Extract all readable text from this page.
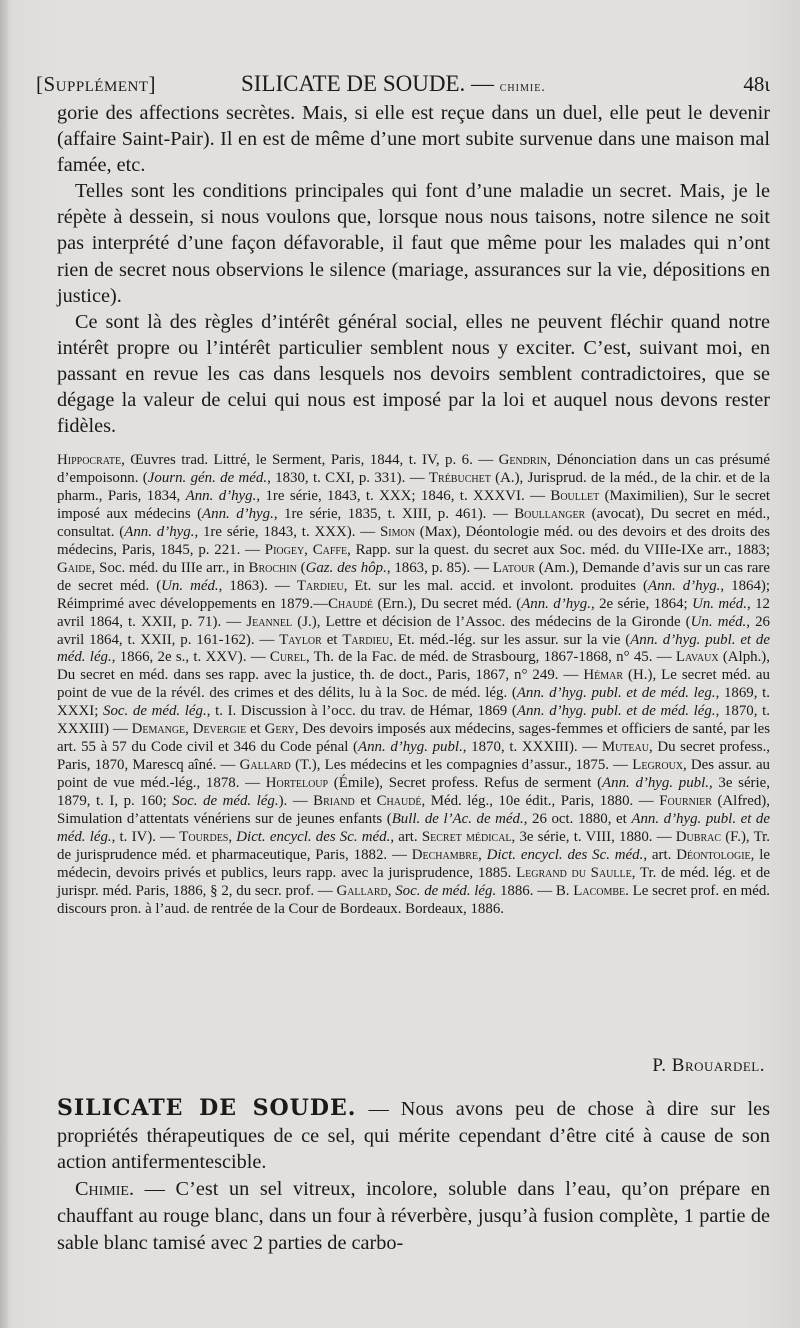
[Supplément]	SILICATE DE SOUDE. — chimie.	48ɩ

gorie des affections secrètes. Mais, si elle est reçue dans un duel, elle peut le devenir (affaire Saint-Pair). Il en est de même d’une mort subite survenue dans une maison mal famée, etc.

Telles sont les conditions principales qui font d’une maladie un secret. Mais, je le répète à dessein, si nous voulons que, lorsque nous nous taisons, notre silence ne soit pas interprété d’une façon défavorable, il faut que même pour les malades qui n’ont rien de secret nous observions le silence (mariage, assurances sur la vie, dépositions en justice).

Ce sont là des règles d’intérêt général social, elles ne peuvent fléchir quand notre intérêt propre ou l’intérêt particulier semblent nous y exciter. C’est, suivant moi, en passant en revue les cas dans lesquels nos devoirs semblent contradictoires, que se dégage la valeur de celui qui nous est imposé par la loi et auquel nous devons rester fidèles.

Hippocrate, Œuvres trad. Littré, le Serment, Paris, 1844, t. IV, p. 6. — Gendrin, Dénonciation dans un cas présumé d’empoisonn. (Journ. gén. de méd., 1830, t. CXI, p. 331). — Trébuchet (A.), Jurisprud. de la méd., de la chir. et de la pharm., Paris, 1834, Ann. d’hyg., 1re série, 1843, t. XXX; 1846, t. XXXVI. — Boullet (Maximilien), Sur le secret imposé aux médecins (Ann. d’hyg., 1re série, 1835, t. XIII, p. 461). — Boullanger (avocat), Du secret en méd., consultat. (Ann. d’hyg., 1re série, 1843, t. XXX). — Simon (Max), Déontologie méd. ou des devoirs et des droits des médecins, Paris, 1845, p. 221. — Piogey, Caffe, Rapp. sur la quest. du secret aux Soc. méd. du VIIIe-IXe arr., 1883; Gaide, Soc. méd. du IIIe arr., in Brochin (Gaz. des hôp., 1863, p. 85). — Latour (Am.), Demande d’avis sur un cas rare de secret méd. (Un. méd., 1863). — Tardieu, Et. sur les mal. accid. et involont. produites (Ann. d’hyg., 1864); Réimprimé avec développements en 1879.—Chaudé (Ern.), Du secret méd. (Ann. d’hyg., 2e série, 1864; Un. méd., 12 avril 1864, t. XXII, p. 71). — Jeannel (J.), Lettre et décision de l’Assoc. des médecins de la Gironde (Un. méd., 26 avril 1864, t. XXII, p. 161-162). — Taylor et Tardieu, Et. méd.-lég. sur les assur. sur la vie (Ann. d’hyg. publ. et de méd. lég., 1866, 2e s., t. XXV). — Curel, Th. de la Fac. de méd. de Strasbourg, 1867-1868, n° 45. — Lavaux (Alph.), Du secret en méd. dans ses rapp. avec la justice, th. de doct., Paris, 1867, n° 249. — Hémar (H.), Le secret méd. au point de vue de la révél. des crimes et des délits, lu à la Soc. de méd. lég. (Ann. d’hyg. publ. et de méd. leg., 1869, t. XXXI; Soc. de méd. lég., t. I. Discussion à l’occ. du trav. de Hémar, 1869 (Ann. d’hyg. publ. et de méd. lég., 1870, t. XXXIII) — Demange, Devergie et Gery, Des devoirs imposés aux médecins, sages-femmes et officiers de santé, par les art. 55 à 57 du Code civil et 346 du Code pénal (Ann. d’hyg. publ., 1870, t. XXXIII). — Muteau, Du secret profess., Paris, 1870, Marescq aîné. — Gallard (T.), Les médecins et les compagnies d’assur., 1875. — Legroux, Des assur. au point de vue méd.-lég., 1878. — Horteloup (Émile), Secret profess. Refus de serment (Ann. d’hyg. publ., 3e série, 1879, t. I, p. 160; Soc. de méd. lég.). — Briand et Chaudé, Méd. lég., 10e édit., Paris, 1880. — Fournier (Alfred), Simulation d’attentats vénériens sur de jeunes enfants (Bull. de l’Ac. de méd., 26 oct. 1880, et Ann. d’hyg. publ. et de méd. lég., t. IV). — Tourdes, Dict. encycl. des Sc. méd., art. Secret médical, 3e série, t. VIII, 1880. — Dubrac (F.), Tr. de jurisprudence méd. et pharmaceutique, Paris, 1882. — Dechambre, Dict. encycl. des Sc. méd., art. Déontologie, le médecin, devoirs privés et publics, leurs rapp. avec la jurisprudence, 1885. Legrand du Saulle, Tr. de méd. lég. et de jurispr. méd. Paris, 1886, § 2, du secr. prof. — Gallard, Soc. de méd. lég. 1886. — B. Lacombe. Le secret prof. en méd. discours pron. à l’aud. de rentrée de la Cour de Bordeaux. Bordeaux, 1886.

P. Brouardel.

SILICATE DE SOUDE. — Nous avons peu de chose à dire sur les propriétés thérapeutiques de ce sel, qui mérite cependant d’être cité à cause de son action antifermentescible.

Chimie. — C’est un sel vitreux, incolore, soluble dans l’eau, qu’on prépare en chauffant au rouge blanc, dans un four à réverbère, jusqu’à fusion complète, 1 partie de sable blanc tamisé avec 2 parties de carbo-
